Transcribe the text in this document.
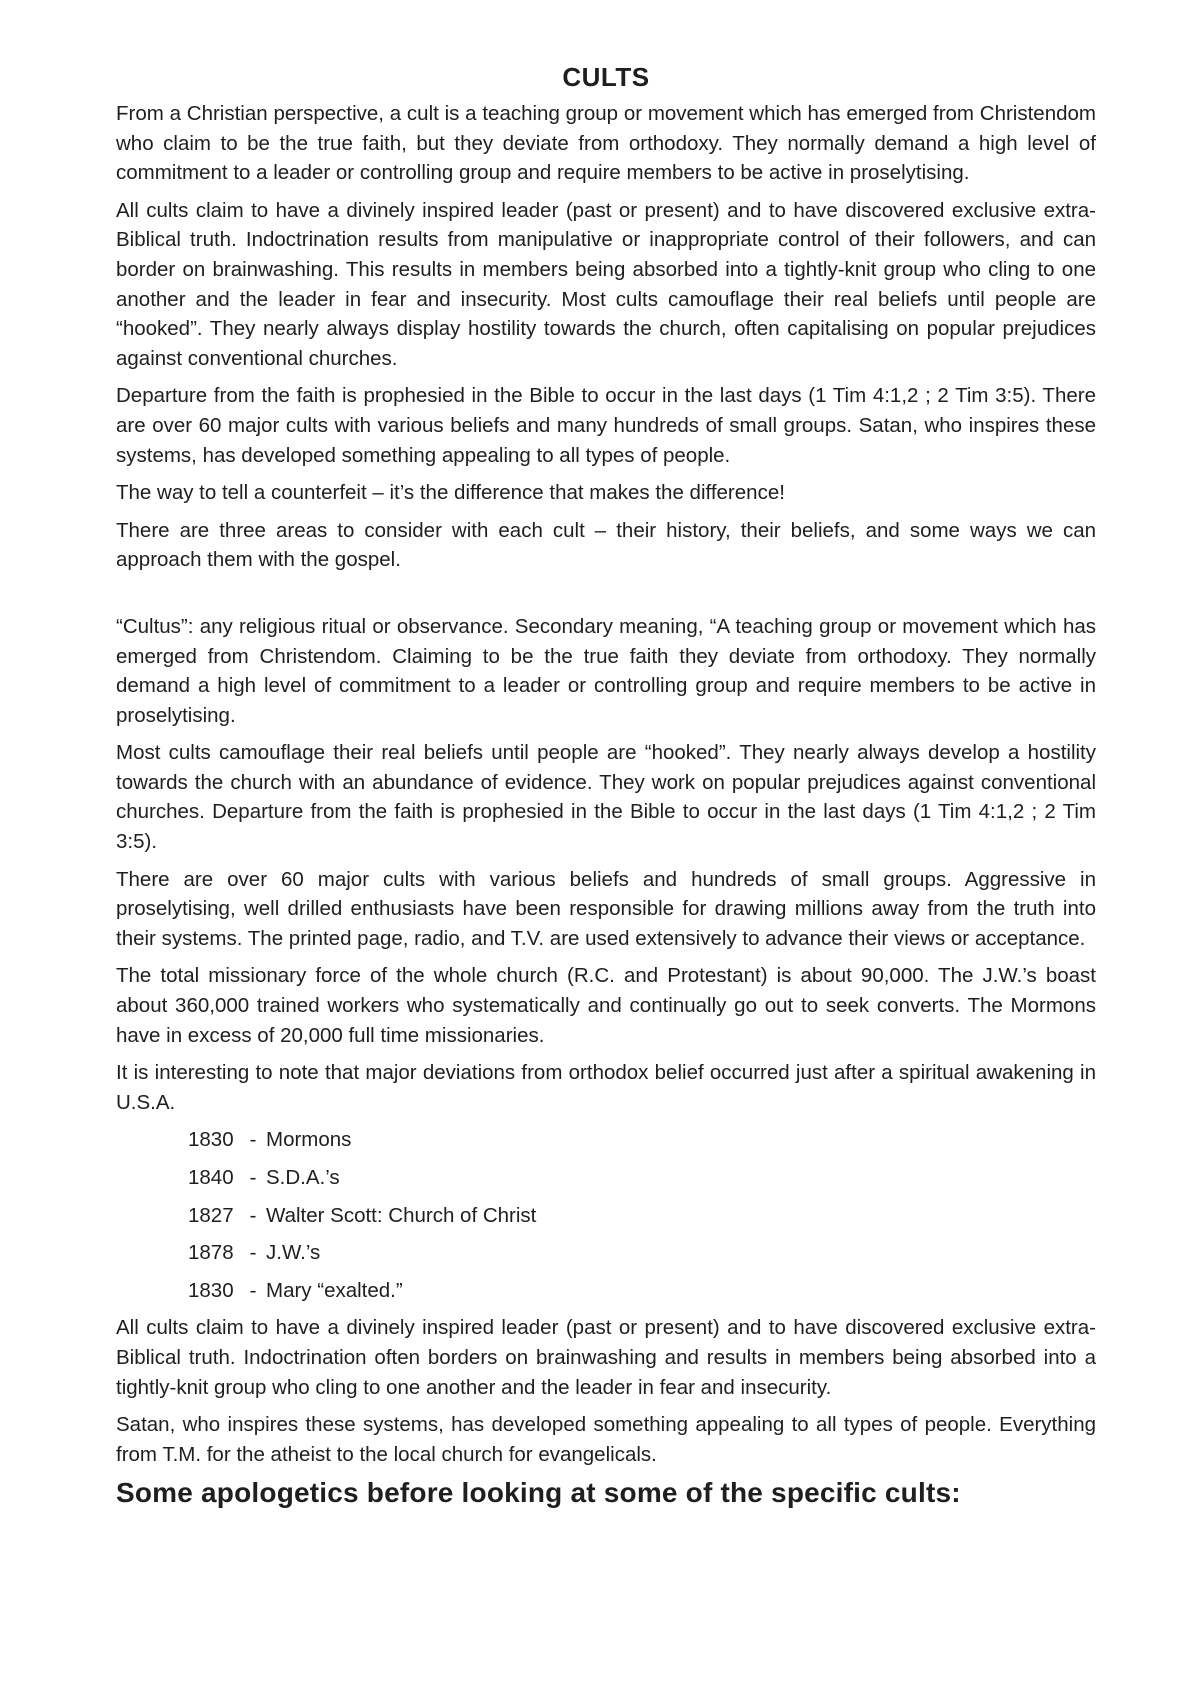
CULTS

From a Christian perspective, a cult is a teaching group or movement which has emerged from Christendom who claim to be the true faith, but they deviate from orthodoxy. They normally demand a high level of commitment to a leader or controlling group and require members to be active in proselytising.

All cults claim to have a divinely inspired leader (past or present) and to have discovered exclusive extra-Biblical truth. Indoctrination results from manipulative or inappropriate control of their followers, and can border on brainwashing. This results in members being absorbed into a tightly-knit group who cling to one another and the leader in fear and insecurity. Most cults camouflage their real beliefs until people are “hooked”. They nearly always display hostility towards the church, often capitalising on popular prejudices against conventional churches.

Departure from the faith is prophesied in the Bible to occur in the last days (1 Tim 4:1,2 ; 2 Tim 3:5). There are over 60 major cults with various beliefs and many hundreds of small groups. Satan, who inspires these systems, has developed something appealing to all types of people.

The way to tell a counterfeit – it’s the difference that makes the difference!

There are three areas to consider with each cult – their history, their beliefs, and some ways we can approach them with the gospel.

“Cultus”: any religious ritual or observance. Secondary meaning, “A teaching group or movement which has emerged from Christendom. Claiming to be the true faith they deviate from orthodoxy. They normally demand a high level of commitment to a leader or controlling group and require members to be active in proselytising.

Most cults camouflage their real beliefs until people are “hooked”. They nearly always develop a hostility towards the church with an abundance of evidence. They work on popular prejudices against conventional churches. Departure from the faith is prophesied in the Bible to occur in the last days (1 Tim 4:1,2 ; 2 Tim 3:5).

There are over 60 major cults with various beliefs and hundreds of small groups. Aggressive in proselytising, well drilled enthusiasts have been responsible for drawing millions away from the truth into their systems. The printed page, radio, and T.V. are used extensively to advance their views or acceptance.

The total missionary force of the whole church (R.C. and Protestant) is about 90,000. The J.W.’s boast about 360,000 trained workers who systematically and continually go out to seek converts. The Mormons have in excess of 20,000 full time missionaries.

It is interesting to note that major deviations from orthodox belief occurred just after a spiritual awakening in U.S.A.

1830 - Mormons
1840 - S.D.A.’s
1827 - Walter Scott: Church of Christ
1878 - J.W.’s
1830 - Mary “exalted.”

All cults claim to have a divinely inspired leader (past or present) and to have discovered exclusive extra-Biblical truth. Indoctrination often borders on brainwashing and results in members being absorbed into a tightly-knit group who cling to one another and the leader in fear and insecurity.

Satan, who inspires these systems, has developed something appealing to all types of people. Everything from T.M. for the atheist to the local church for evangelicals.

Some apologetics before looking at some of the specific cults:
